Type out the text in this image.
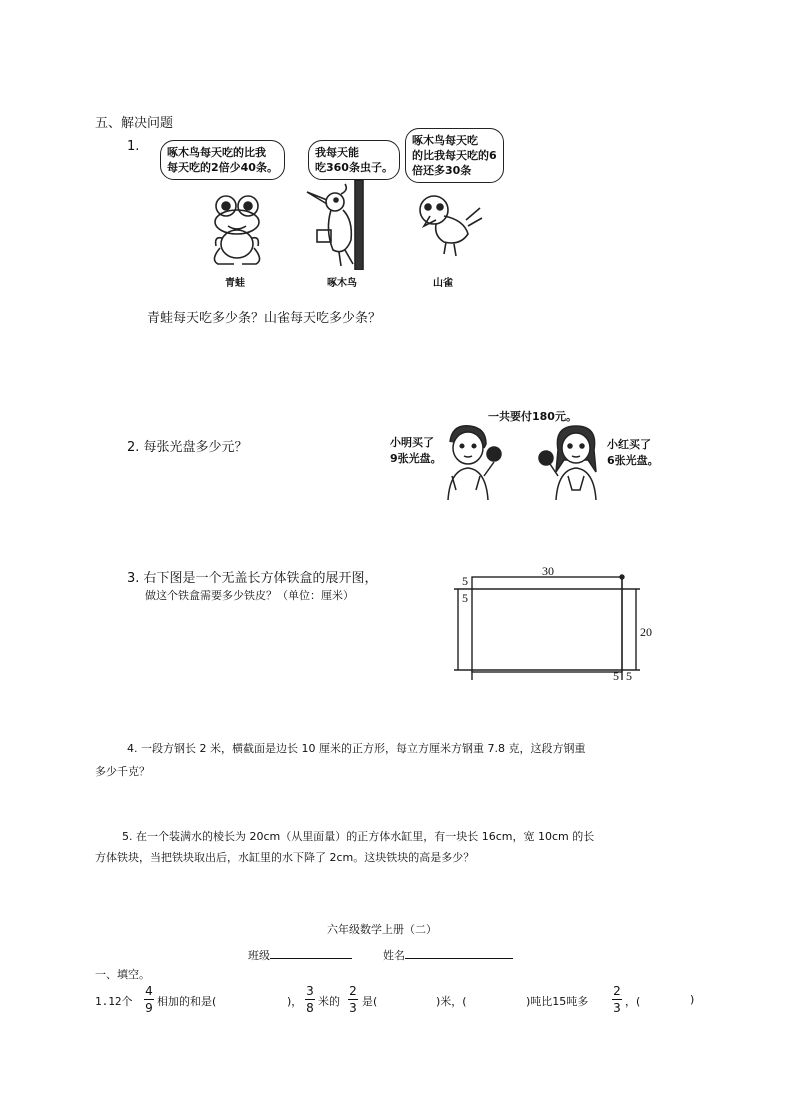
五、解决问题
1.	啄木鸟每天吃的比我
每天吃的2倍少40条。
我每天能
吃360条虫子。
啄木鸟每天吃
的比我每天吃的6
倍还多30条
青蛙	啄木鸟	山雀
青蛙每天吃多少条？山雀每天吃多少条？
2. 每张光盘多少元？
一共要付180元。
小明买了
9张光盘。
小红买了
6张光盘。
3. 右下图是一个无盖长方体铁盒的展开图，
做这个铁盒需要多少铁皮？（单位：厘米）
30
20
5
5
5 5
4. 一段方钢长 2 米，横截面是边长 10 厘米的正方形，每立方厘米方钢重 7.8 克，这段方钢重
多少千克？
5. 在一个装满水的棱长为 20cm（从里面量）的正方体水缸里，有一块长 16cm，宽 10cm 的长
方体铁块，当把铁块取出后，水缸里的水下降了 2cm。这块铁块的高是多少？
六年级数学上册（二）
班级	姓名
一、填空。
1.12个
4
9 相加的和是(	)，
3
8 米的
2
3 是(	)米，(	)吨比15吨多
2
3 ，(	)
